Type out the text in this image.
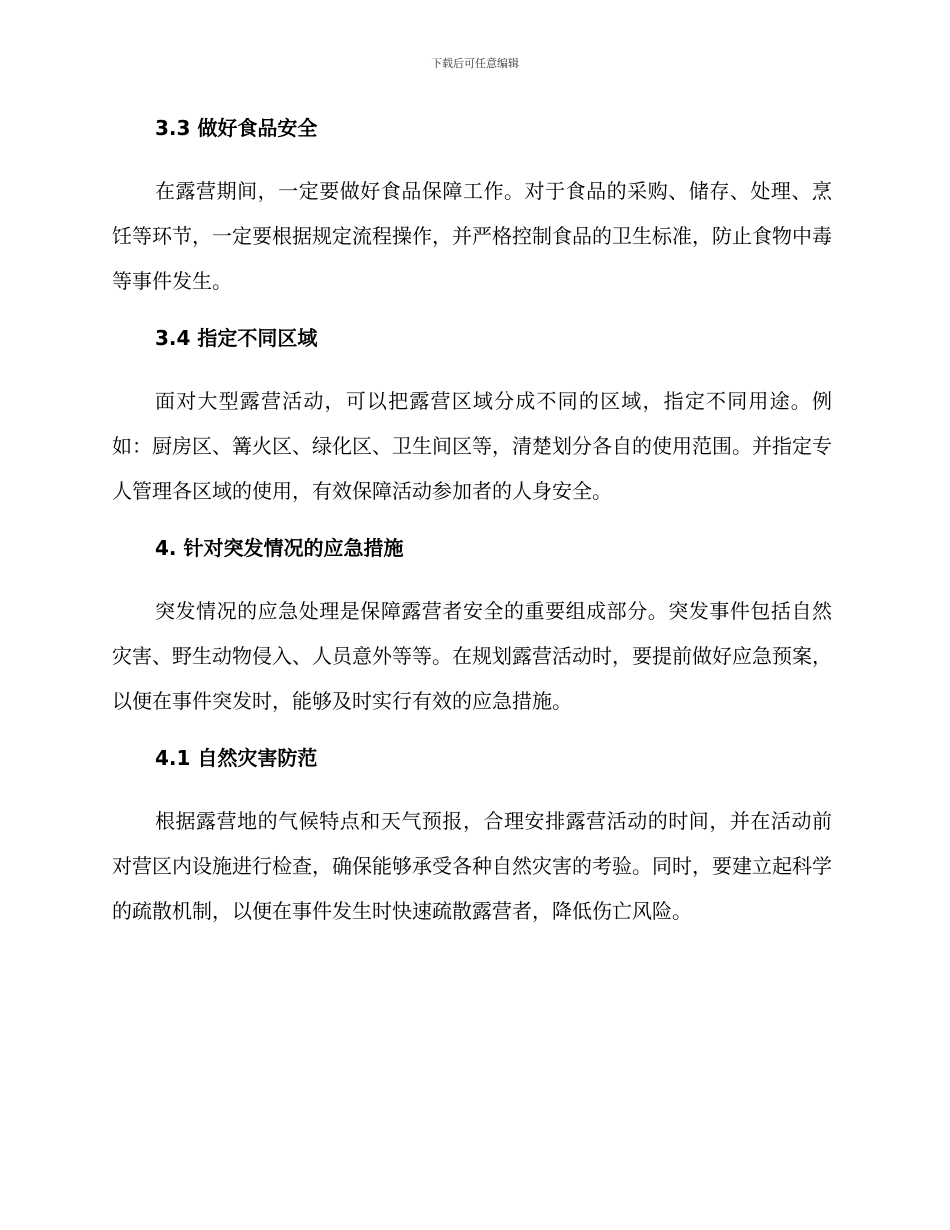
下载后可任意编辑
3.3 做好食品安全

在露营期间，一定要做好食品保障工作。对于食品的采购、储存、处理、烹饪等环节，一定要根据规定流程操作，并严格控制食品的卫生标准，防止食物中毒等事件发生。

3.4 指定不同区域

面对大型露营活动，可以把露营区域分成不同的区域，指定不同用途。例如：厨房区、篝火区、绿化区、卫生间区等，清楚划分各自的使用范围。并指定专人管理各区域的使用，有效保障活动参加者的人身安全。

4. 针对突发情况的应急措施

突发情况的应急处理是保障露营者安全的重要组成部分。突发事件包括自然灾害、野生动物侵入、人员意外等等。在规划露营活动时，要提前做好应急预案，以便在事件突发时，能够及时实行有效的应急措施。

4.1 自然灾害防范

根据露营地的气候特点和天气预报，合理安排露营活动的时间，并在活动前对营区内设施进行检查，确保能够承受各种自然灾害的考验。同时，要建立起科学的疏散机制，以便在事件发生时快速疏散露营者，降低伤亡风险。
